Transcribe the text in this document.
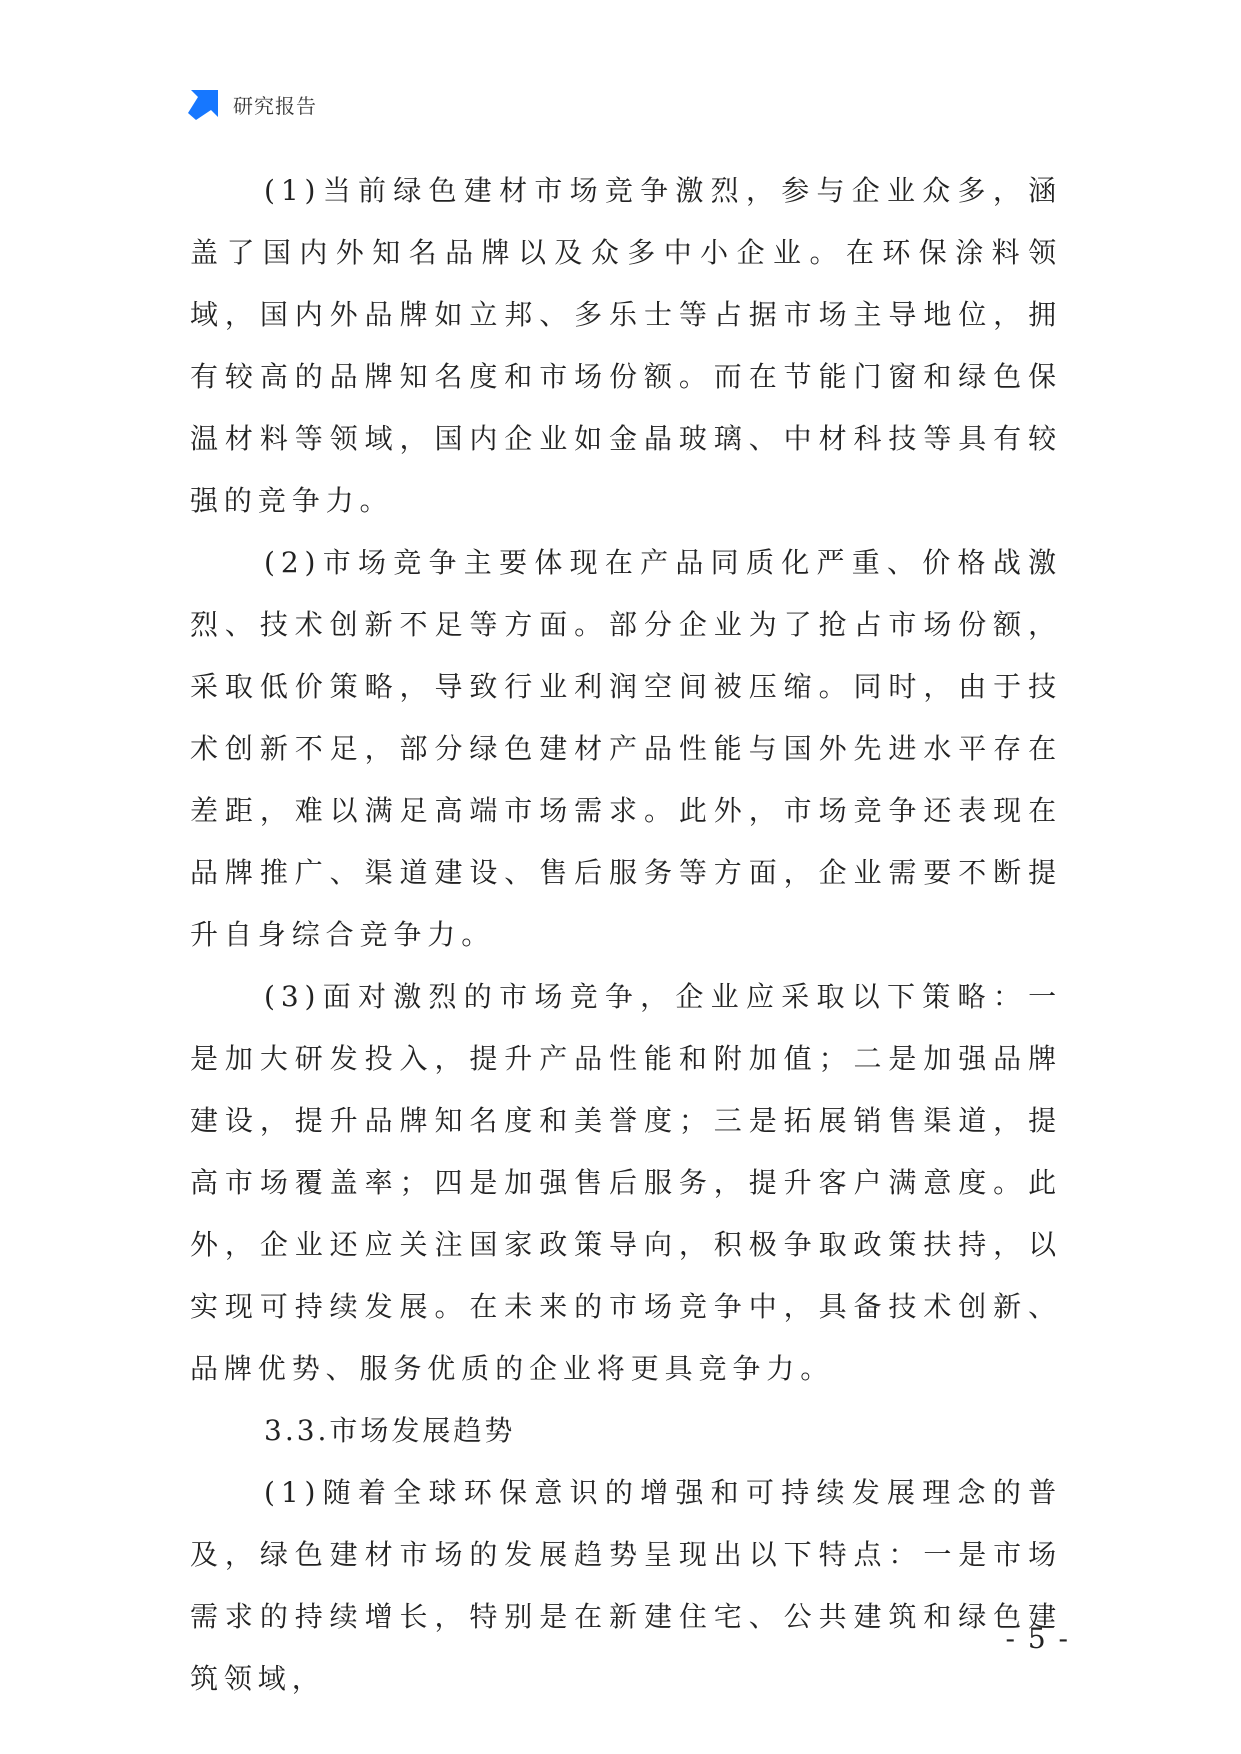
研究报告

(1)当前绿色建材市场竞争激烈，参与企业众多，涵盖了国内外知名品牌以及众多中小企业。在环保涂料领域，国内外品牌如立邦、多乐士等占据市场主导地位，拥有较高的品牌知名度和市场份额。而在节能门窗和绿色保温材料等领域，国内企业如金晶玻璃、中材科技等具有较强的竞争力。

(2)市场竞争主要体现在产品同质化严重、价格战激烈、技术创新不足等方面。部分企业为了抢占市场份额，采取低价策略，导致行业利润空间被压缩。同时，由于技术创新不足，部分绿色建材产品性能与国外先进水平存在差距，难以满足高端市场需求。此外，市场竞争还表现在品牌推广、渠道建设、售后服务等方面，企业需要不断提升自身综合竞争力。

(3)面对激烈的市场竞争，企业应采取以下策略：一是加大研发投入，提升产品性能和附加值；二是加强品牌建设，提升品牌知名度和美誉度；三是拓展销售渠道，提高市场覆盖率；四是加强售后服务，提升客户满意度。此外，企业还应关注国家政策导向，积极争取政策扶持，以实现可持续发展。在未来的市场竞争中，具备技术创新、品牌优势、服务优质的企业将更具竞争力。

3.3.市场发展趋势

(1)随着全球环保意识的增强和可持续发展理念的普及，绿色建材市场的发展趋势呈现出以下特点：一是市场需求的持续增长，特别是在新建住宅、公共建筑和绿色建筑领域，

- 5 -
